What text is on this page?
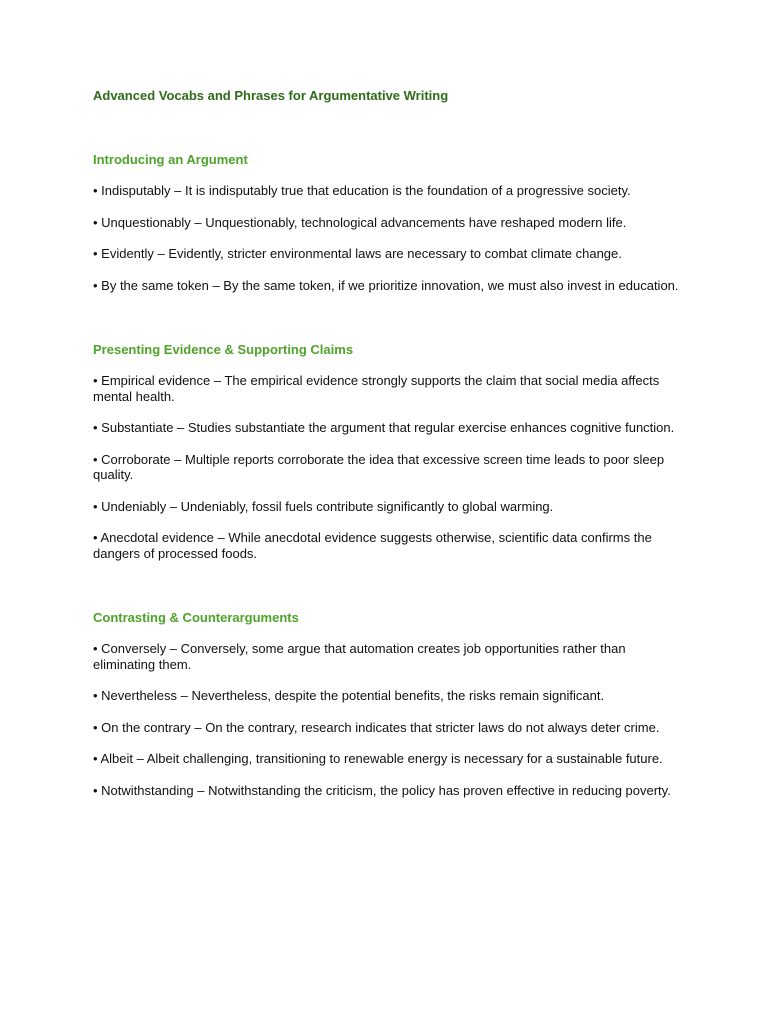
Advanced Vocabs and Phrases for Argumentative Writing
Introducing an Argument

• Indisputably – It is indisputably true that education is the foundation of a progressive society.

• Unquestionably – Unquestionably, technological advancements have reshaped modern life.

• Evidently – Evidently, stricter environmental laws are necessary to combat climate change.

• By the same token – By the same token, if we prioritize innovation, we must also invest in education.

Presenting Evidence & Supporting Claims

• Empirical evidence – The empirical evidence strongly supports the claim that social media affects mental health.

• Substantiate – Studies substantiate the argument that regular exercise enhances cognitive function.

• Corroborate – Multiple reports corroborate the idea that excessive screen time leads to poor sleep quality.

• Undeniably – Undeniably, fossil fuels contribute significantly to global warming.

• Anecdotal evidence – While anecdotal evidence suggests otherwise, scientific data confirms the dangers of processed foods.

Contrasting & Counterarguments

• Conversely – Conversely, some argue that automation creates job opportunities rather than eliminating them.

• Nevertheless – Nevertheless, despite the potential benefits, the risks remain significant.

• On the contrary – On the contrary, research indicates that stricter laws do not always deter crime.

• Albeit – Albeit challenging, transitioning to renewable energy is necessary for a sustainable future.

• Notwithstanding – Notwithstanding the criticism, the policy has proven effective in reducing poverty.
